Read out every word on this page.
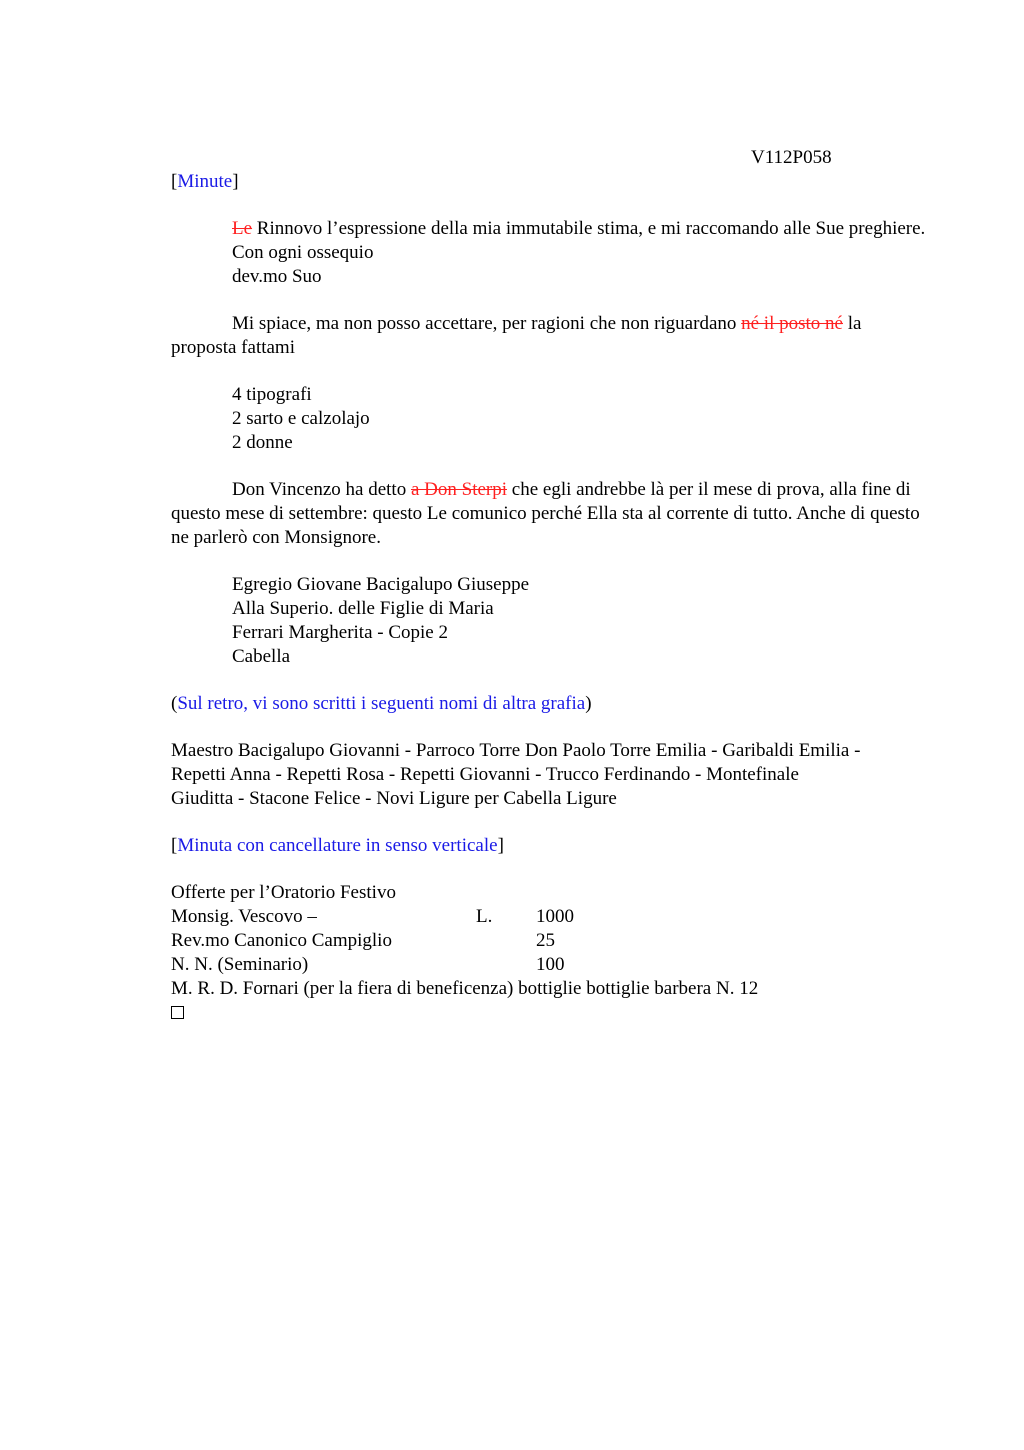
V112P058
[Minute]
Le Rinnovo l’espressione della mia immutabile stima, e mi raccomando alle Sue preghiere.
Con ogni ossequio
dev.mo Suo
Mi spiace, ma non posso accettare, per ragioni che non riguardano né il posto né la proposta fattami
4 tipografi
2 sarto e calzolajo
2 donne
Don Vincenzo ha detto a Don Sterpi che egli andrebbe là per il mese di prova, alla fine di questo mese di settembre: questo Le comunico perché Ella sta al corrente di tutto. Anche di questo ne parlerò con Monsignore.
Egregio Giovane Bacigalupo Giuseppe
Alla Superio. delle Figlie di Maria
Ferrari Margherita - Copie 2
Cabella
(Sul retro, vi sono scritti i seguenti nomi di altra grafia)
Maestro Bacigalupo Giovanni - Parroco Torre Don Paolo Torre Emilia - Garibaldi Emilia -
Repetti Anna - Repetti Rosa - Repetti Giovanni - Trucco Ferdinando - Montefinale
Giuditta - Stacone Felice - Novi Ligure per Cabella Ligure
[Minuta con cancellature in senso verticale]
Offerte per l’Oratorio Festivo
Monsig. Vescovo –	L. 1000
Rev.mo Canonico Campiglio	25
N. N. (Seminario)	100
M. R. D. Fornari (per la fiera di beneficenza) bottiglie bottiglie barbera N. 12
